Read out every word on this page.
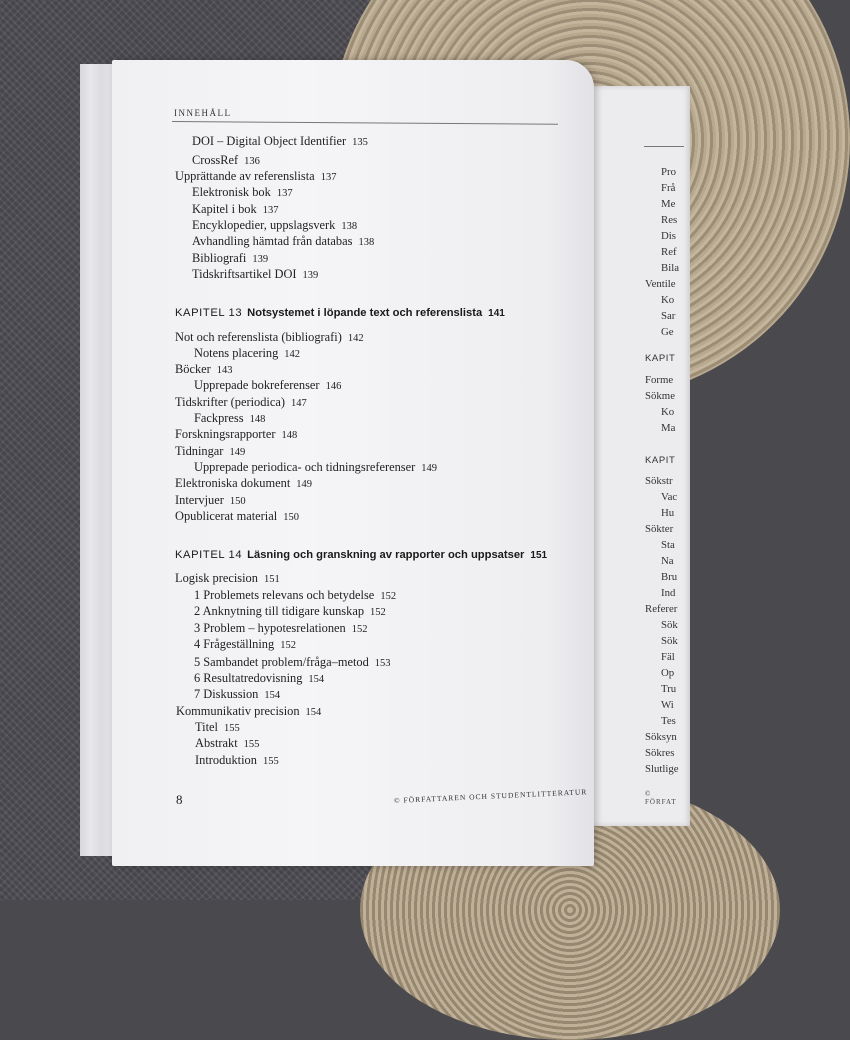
INNEHÅLL
DOI – Digital Object Identifier 135
CrossRef 136
Upprättande av referenslista 137
Elektronisk bok 137
Kapitel i bok 137
Encyklopedier, uppslagsverk 138
Avhandling hämtad från databas 138
Bibliografi 139
Tidskriftsartikel DOI 139
KAPITEL 13 Notsystemet i löpande text och referenslista 141
Not och referenslista (bibliografi) 142
Notens placering 142
Böcker 143
Upprepade bokreferenser 146
Tidskrifter (periodica) 147
Fackpress 148
Forskningsrapporter 148
Tidningar 149
Upprepade periodica- och tidningsreferenser 149
Elektroniska dokument 149
Intervjuer 150
Opublicerat material 150
KAPITEL 14 Läsning och granskning av rapporter och uppsatser 151
Logisk precision 151
1 Problemets relevans och betydelse 152
2 Anknytning till tidigare kunskap 152
3 Problem – hypotesrelationen 152
4 Frågeställning 152
5 Sambandet problem/fråga–metod 153
6 Resultatredovisning 154
7 Diskussion 154
Kommunikativ precision 154
Titel 155
Abstrakt 155
Introduktion 155
8	© FÖRFATTAREN OCH STUDENTLITTERATUR
Pro
Frå
Me
Res
Dis
Ref
Bila
Ventile
Ko
Sar
Ge
KAPIT
Forme
Sökme
Ko
Ma
KAPIT
Sökstr
Vac
Hu
Sökter
Sta
Na
Bru
Ind
Referer
Sök
Sök
Fäl
Op
Tru
Wi
Tes
Söksyn
Sökres
Slutlige
© FÖRFAT
